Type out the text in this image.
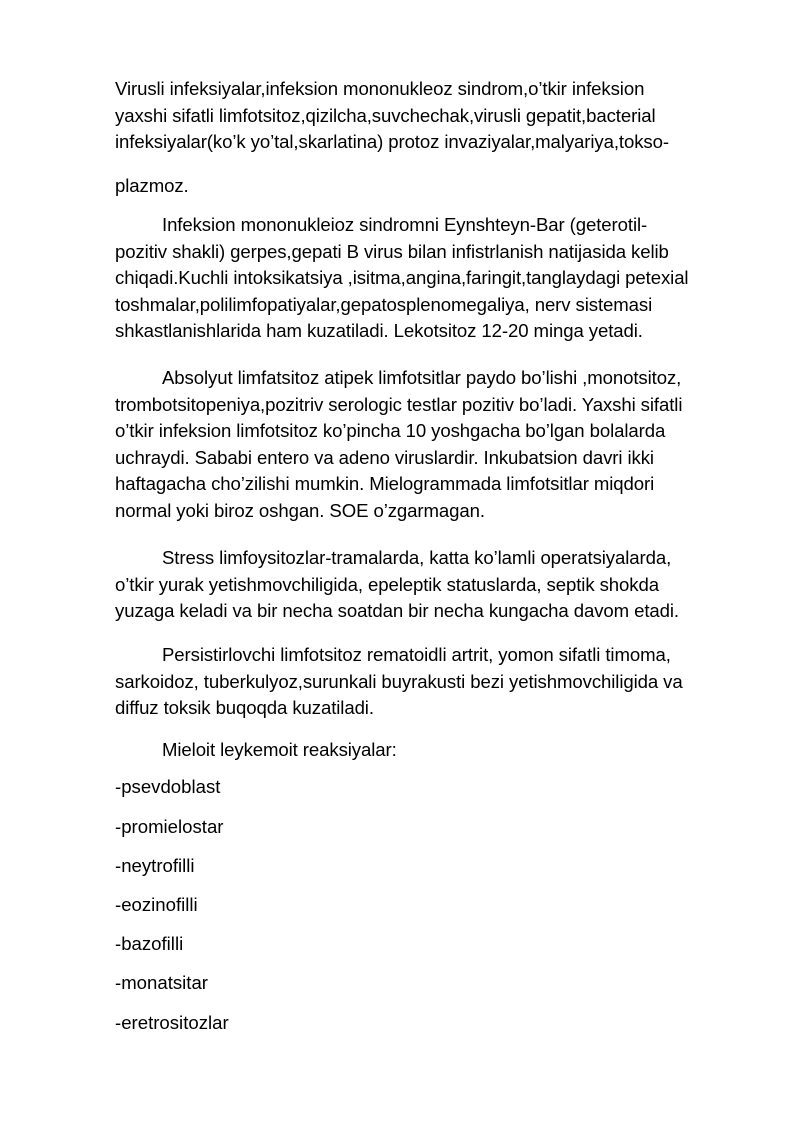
Virusli infeksiyalar,infeksion mononukleoz sindrom,o’tkir infeksion
yaxshi sifatli limfotsitoz,qizilcha,suvchechak,virusli gepatit,bacterial
infeksiyalar(ko’k yo’tal,skarlatina) protoz invaziyalar,malyariya,tokso-
plazmoz.
Infeksion mononukleioz sindromni Eynshteyn-Bar (geterotil-
pozitiv shakli) gerpes,gepati B virus bilan infistrlanish natijasida kelib
chiqadi.Kuchli intoksikatsiya ,isitma,angina,faringit,tanglaydagi petexial
toshmalar,polilimfopatiyalar,gepatosplenomegaliya, nerv sistemasi
shkastlanishlarida ham kuzatiladi. Lekotsitoz 12-20 minga yetadi.
Absolyut limfatsitoz atipek limfotsitlar paydo bo’lishi ,monotsitoz,
trombotsitopeniya,pozitriv serologic testlar pozitiv bo’ladi. Yaxshi sifatli
o’tkir infeksion limfotsitoz ko’pincha 10 yoshgacha bo’lgan bolalarda
uchraydi. Sababi entero va adeno viruslardir. Inkubatsion davri ikki
haftagacha cho’zilishi mumkin. Mielogrammada limfotsitlar miqdori
normal yoki biroz oshgan. SOE o’zgarmagan.
Stress limfoysitozlar-tramalarda, katta ko’lamli operatsiyalarda,
o’tkir yurak yetishmovchiligida, epeleptik statuslarda, septik shokda
yuzaga keladi va bir necha soatdan bir necha kungacha davom etadi.
Persistirlovchi limfotsitoz rematoidli artrit, yomon sifatli timoma,
sarkoidoz, tuberkulyoz,surunkali buyrakusti bezi yetishmovchiligida va
diffuz toksik buqoqda kuzatiladi.
Mieloit leykemoit reaksiyalar:
-psevdoblast
-promielostar
-neytrofilli
-eozinofilli
-bazofilli
-monatsitar
-eretrositozlar
